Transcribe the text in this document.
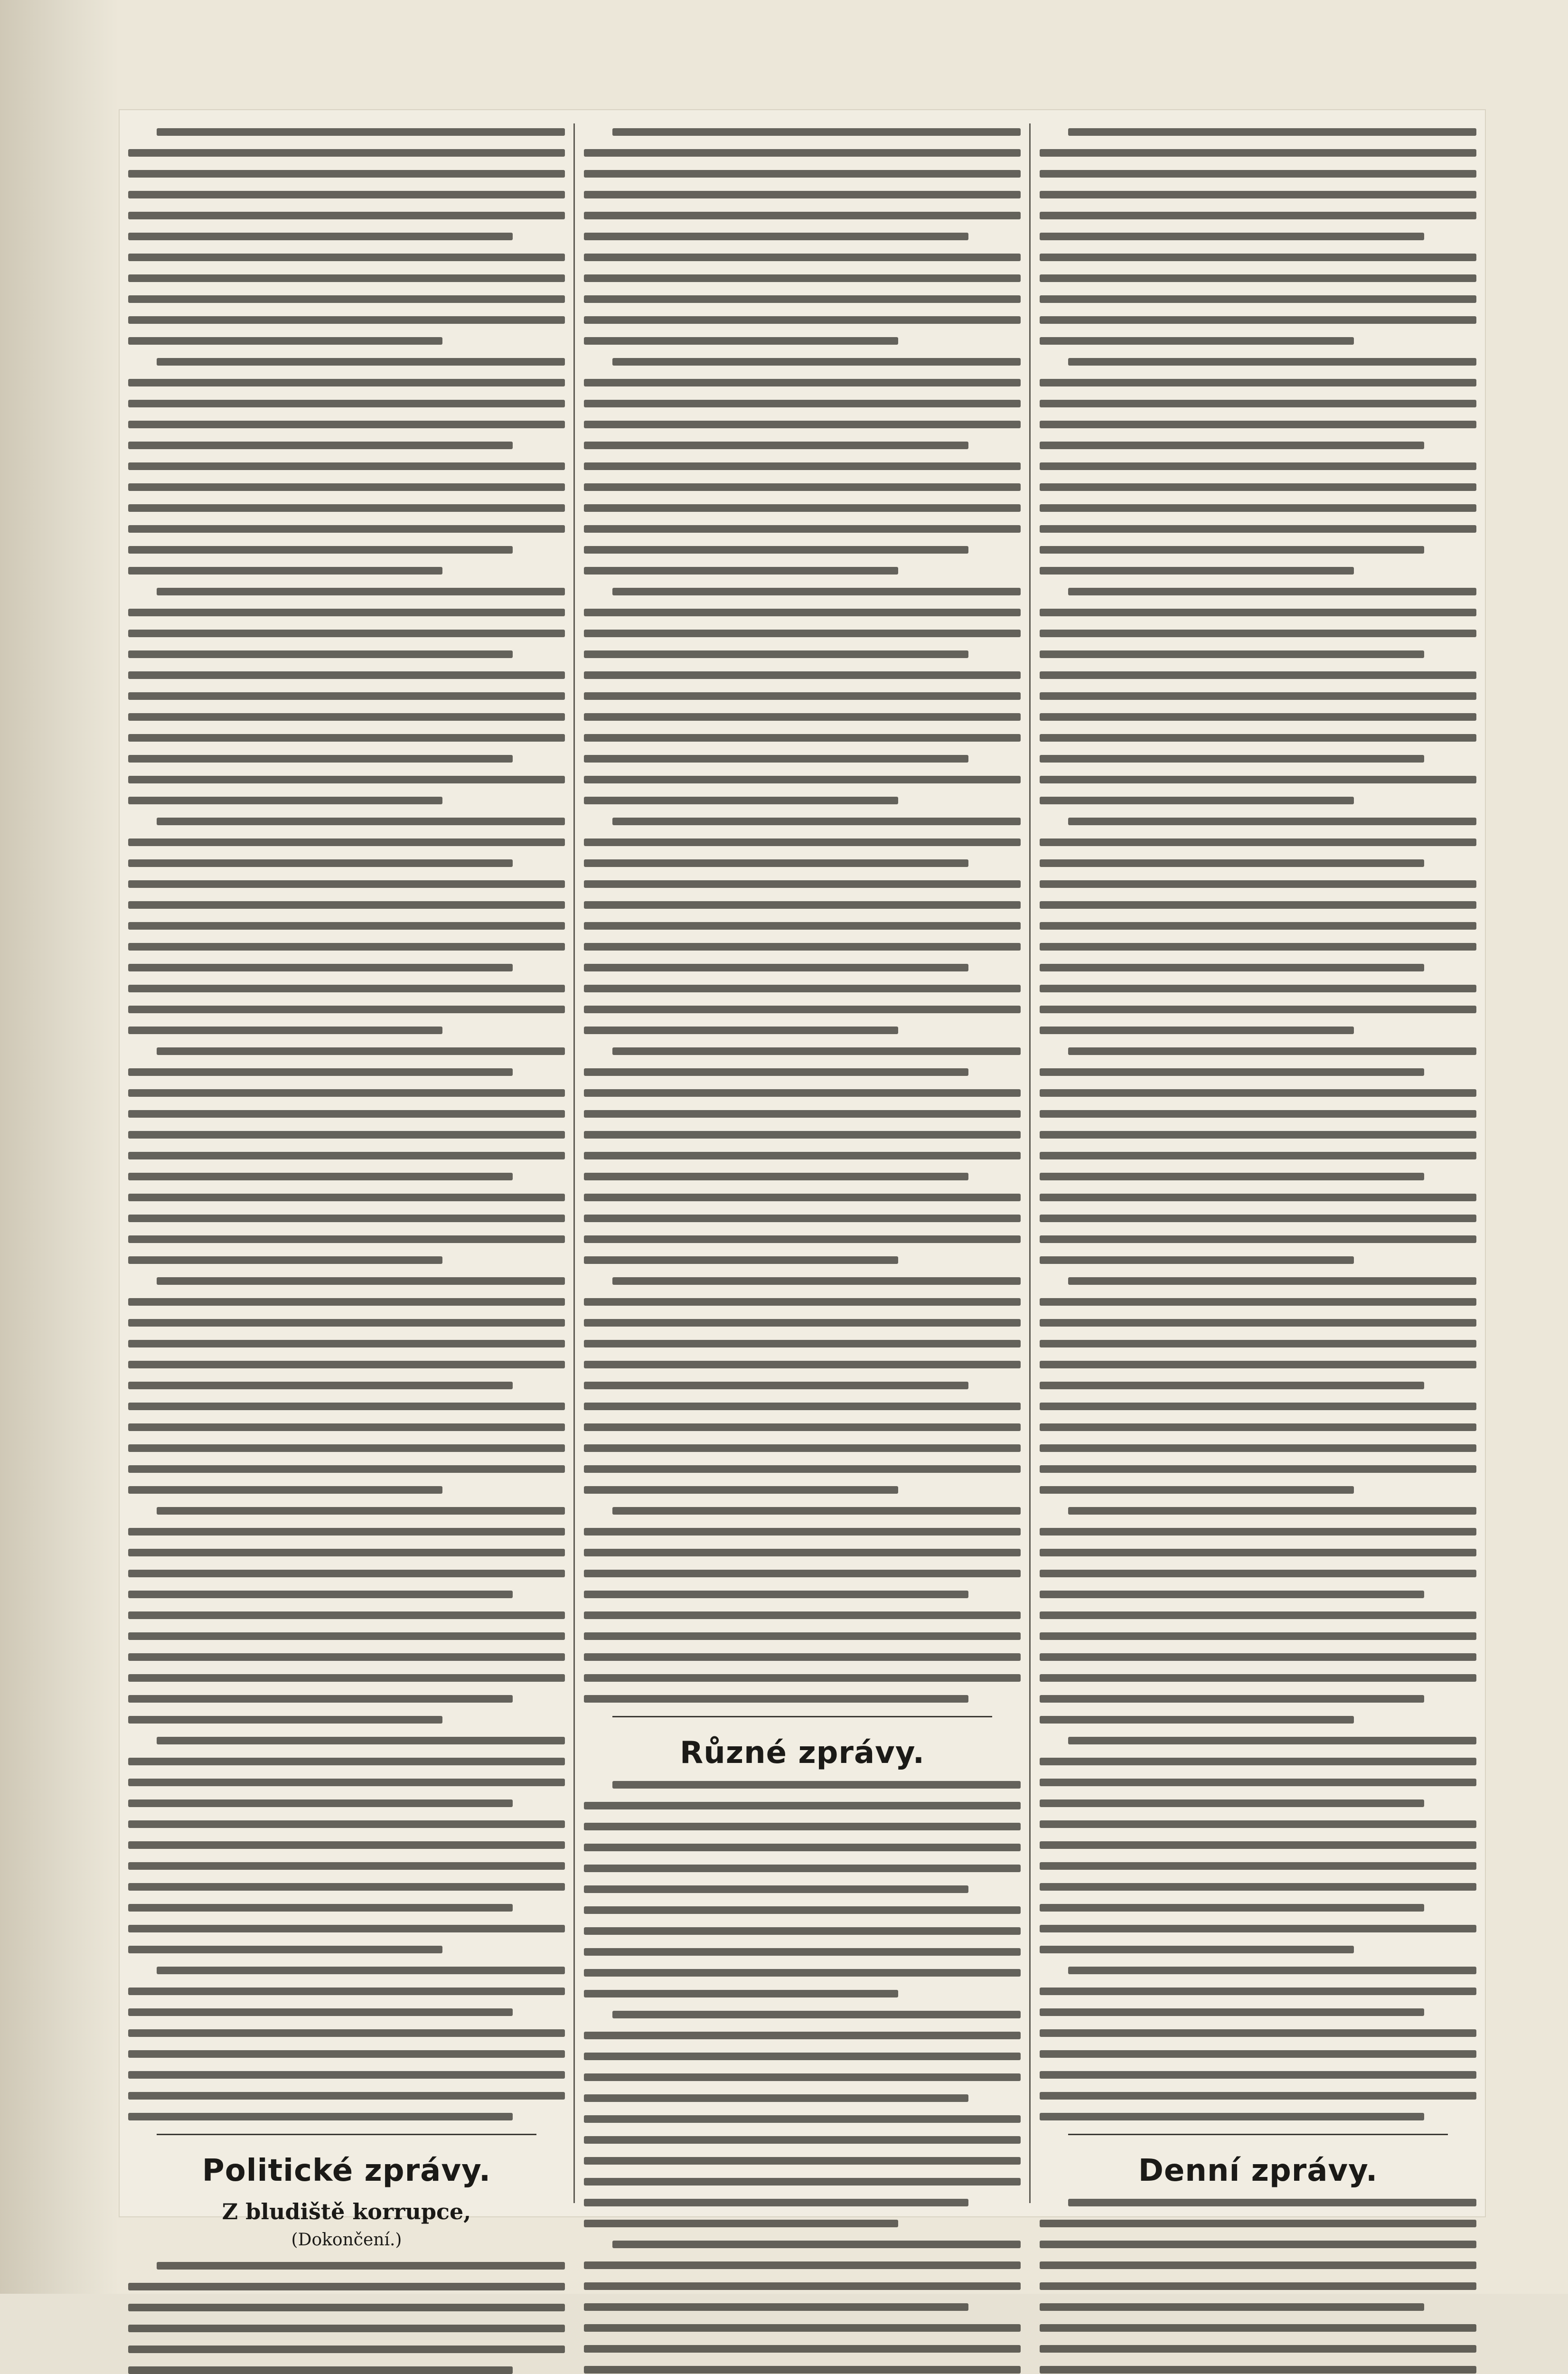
Politické zprávy.
Z bludiště korrupce,
(Dokončení.)
Různé zprávy.
Denní zprávy.
